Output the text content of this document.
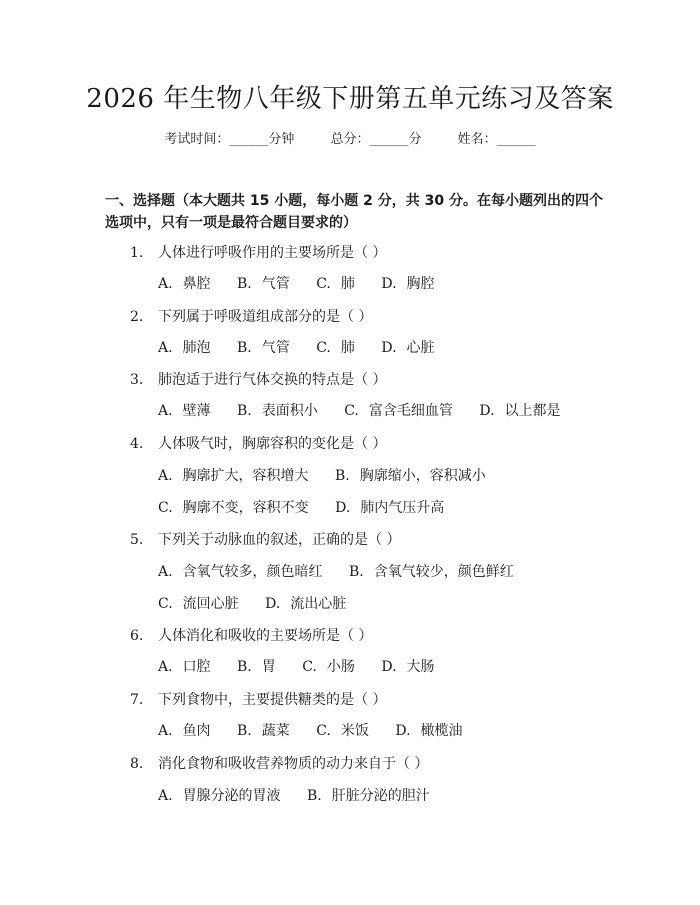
2026 年生物八年级下册第五单元练习及答案
考试时间：______分钟	总分：______分	姓名：______
一、选择题（本大题共 15 小题，每小题 2 分，共 30 分。在每小题列出的四个选项中，只有一项是最符合题目要求的）
1. 人体进行呼吸作用的主要场所是（ ）
A. 鼻腔 B. 气管 C. 肺 D. 胸腔
2. 下列属于呼吸道组成部分的是（ ）
A. 肺泡 B. 气管 C. 肺 D. 心脏
3. 肺泡适于进行气体交换的特点是（ ）
A. 壁薄 B. 表面积小 C. 富含毛细血管 D. 以上都是
4. 人体吸气时，胸廓容积的变化是（ ）
A. 胸廓扩大，容积增大 B. 胸廓缩小，容积减小
C. 胸廓不变，容积不变 D. 肺内气压升高
5. 下列关于动脉血的叙述，正确的是（ ）
A. 含氧气较多，颜色暗红 B. 含氧气较少，颜色鲜红
C. 流回心脏 D. 流出心脏
6. 人体消化和吸收的主要场所是（ ）
A. 口腔 B. 胃 C. 小肠 D. 大肠
7. 下列食物中，主要提供糖类的是（ ）
A. 鱼肉 B. 蔬菜 C. 米饭 D. 橄榄油
8. 消化食物和吸收营养物质的动力来自于（ ）
A. 胃腺分泌的胃液 B. 肝脏分泌的胆汁
